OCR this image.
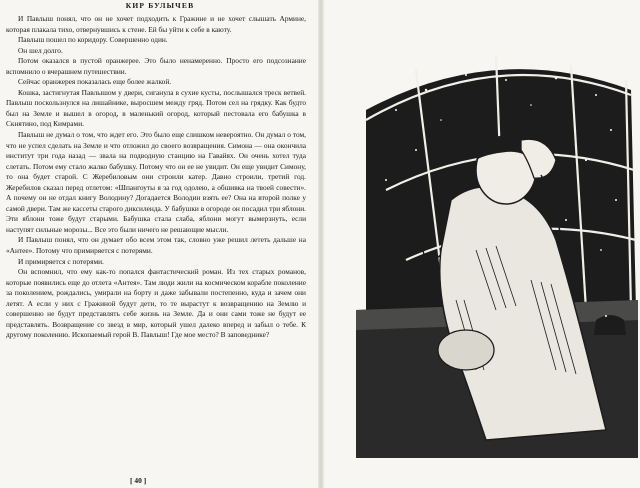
КИР БУЛЫЧЕВ

И Павлыш понял, что он не хочет подходить к Гражине и не хочет слышать Армине, которая плакала тихо, отвернувшись к стене. Ей бы уйти к себе в каюту.

Павлыш пошел по коридору. Совершенно один.

Он шел долго.

Потом оказался в пустой оранжерее. Это было ненамеренно. Просто его подсознание вспомнило о вчерашнем путешествии.

Сейчас оранжерея показалась еще более жалкой.

Кошка, застигнутая Павлышом у двери, сиганула в сухие кусты, послышался треск ветвей. Павлыш поскользнулся на лишайнике, выросшем между гряд. Потом сел на грядку. Как будто был на Земле и вышел в огород, в маленький огород, который пестовала его бабушка в Скнятино, под Кимрами.

Павлыш не думал о том, что ждет его. Это было еще слишком невероятно. Он думал о том, что не успел сделать на Земле и что отложил до своего возвращения. Симона — она окончила институт три года назад — звала на подводную станцию на Гавайях. Он очень хотел туда слетать. Потом ему стало жалко бабушку. Потому что он ее не увидит. Он еще увидит Симону, то она будет старой. С Жеребиловым они строили катер. Давно строили, третий год. Жеребилов сказал перед отлетом: «Шпангоуты я за год одолею, а обшивка на твоей совести». А почему он не отдал книгу Володину? Догадается Володин взять ее? Она на второй полке у самой двери. Там же кассеты старого диксиленда. У бабушки в огороде он посадил три яблони. Эти яблони тоже будут старыми. Бабушка стала слаба, яблони могут вымерзнуть, если наступят сильные морозы... Все это были ничего не решающие мысли.

И Павлыш понял, что он думает обо всем этом так, словно уже решил лететь дальше на «Антее». Потому что примиряется с потерями.

И примиряется с потерями.

Он вспомнил, что ему как-то попался фантастический роман. Из тех старых романов, которые появились еще до отлета «Антея». Там люди жили на космическом корабле поколение за поколением, рождались, умирали на борту и даже забывали постепенно, куда и зачем они летят. А если у них с Гражиной будут дети, то те вырастут к возвращению на Землю и совершенно не будут представлять себе жизнь на Земле. Да и они сами тоже не будут ее представлять. Возвращение со звезд в мир, который ушел далеко вперед и забыл о тебе. К другому поколению. Ископаемый герой В. Павлыш! Где мое место? В заповеднике?

[ 40 ]
